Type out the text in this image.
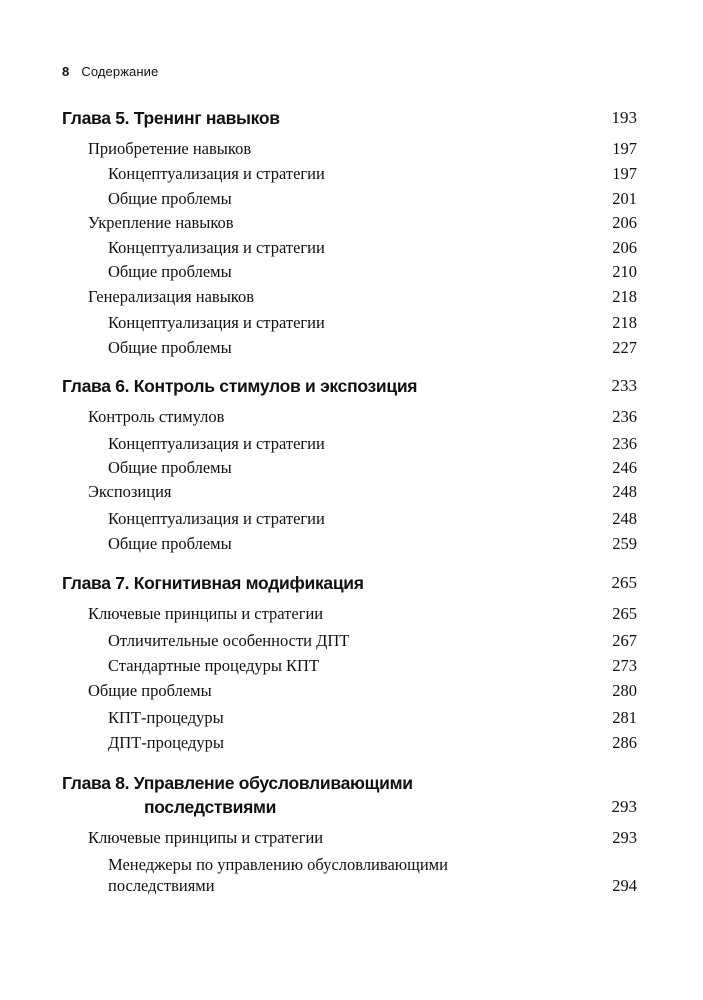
8 Содержание
Глава 5. Тренинг навыков	193
Приобретение навыков	197
Концептуализация и стратегии	197
Общие проблемы	201
Укрепление навыков	206
Концептуализация и стратегии	206
Общие проблемы	210
Генерализация навыков	218
Концептуализация и стратегии	218
Общие проблемы	227
Глава 6. Контроль стимулов и экспозиция	233
Контроль стимулов	236
Концептуализация и стратегии	236
Общие проблемы	246
Экспозиция	248
Концептуализация и стратегии	248
Общие проблемы	259
Глава 7. Когнитивная модификация	265
Ключевые принципы и стратегии	265
Отличительные особенности ДПТ	267
Стандартные процедуры КПТ	273
Общие проблемы	280
КПТ-процедуры	281
ДПТ-процедуры	286
Глава 8. Управление обусловливающими
последствиями	293
Ключевые принципы и стратегии	293
Менеджеры по управлению обусловливающими
последствиями	294
